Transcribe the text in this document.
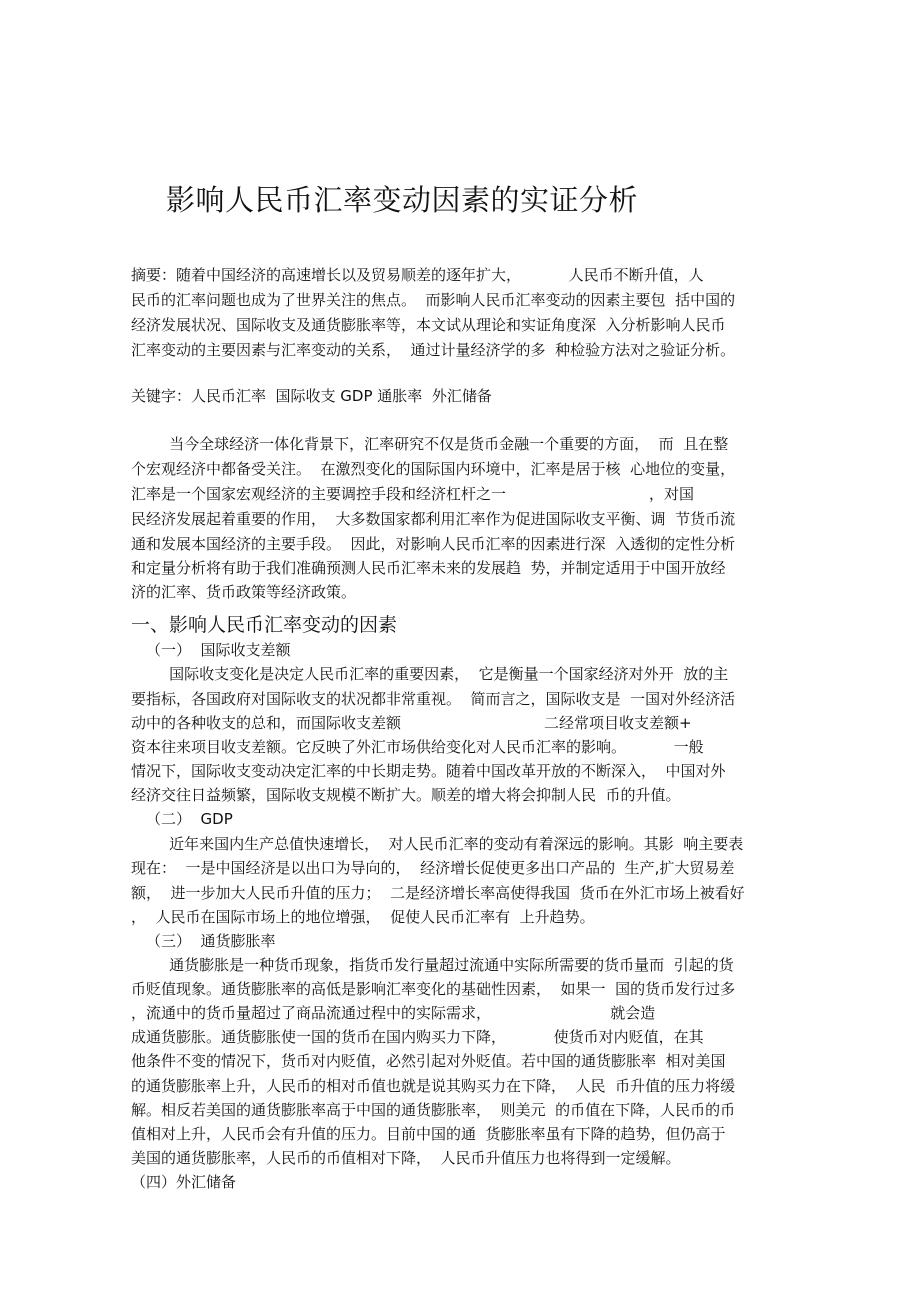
影响人民币汇率变动因素的实证分析
摘要：随着中国经济的高速增长以及贸易顺差的逐年扩大，          人民币不断升值，人
民币的汇率问题也成为了世界关注的焦点。  而影响人民币汇率变动的因素主要包  括中国的
经济发展状况、国际收支及通货膨胀率等，本文试从理论和实证角度深  入分析影响人民币
汇率变动的主要因素与汇率变动的关系，  通过计量经济学的多  种检验方法对之验证分析。
关键字：人民币汇率  国际收支 GDP 通胀率  外汇储备
当今全球经济一体化背景下，汇率研究不仅是货币金融一个重要的方面，  而  且在整
个宏观经济中都备受关注。  在激烈变化的国际国内环境中，汇率是居于核  心地位的变量，
汇率是一个国家宏观经济的主要调控手段和经济杠杆之一                              ，对国
民经济发展起着重要的作用，  大多数国家都利用汇率作为促进国际收支平衡、调  节货币流
通和发展本国经济的主要手段。  因此，对影响人民币汇率的因素进行深  入透彻的定性分析
和定量分析将有助于我们准确预测人民币汇率未来的发展趋  势，并制定适用于中国开放经
济的汇率、货币政策等经济政策。
一、影响人民币汇率变动的因素
（一）  国际收支差额
国际收支变化是决定人民币汇率的重要因素，  它是衡量一个国家经济对外开  放的主
要指标，各国政府对国际收支的状况都非常重视。  简而言之，国际收支是  一国对外经济活
动中的各种收支的总和，而国际收支差额                              二经常项目收支差额+
资本往来项目收支差额。它反映了外汇市场供给变化对人民币汇率的影响。          一般
情况下，国际收支变动决定汇率的中长期走势。随着中国改革开放的不断深入，  中国对外
经济交往日益频繁，国际收支规模不断扩大。顺差的增大将会抑制人民  币的升值。
（二）  GDP
近年来国内生产总值快速增长，  对人民币汇率的变动有着深远的影响。其影  响主要表
现在：  一是中国经济是以出口为导向的，  经济增长促使更多出口产品的  生产,扩大贸易差
额，  进一步加大人民币升值的压力；  二是经济增长率高使得我国  货币在外汇市场上被看好
，  人民币在国际市场上的地位增强，  促使人民币汇率有  上升趋势。
（三）  通货膨胀率
通货膨胀是一种货币现象，指货币发行量超过流通中实际所需要的货币量而  引起的货
币贬值现象。通货膨胀率的高低是影响汇率变化的基础性因素，  如果一  国的货币发行过多
，流通中的货币量超过了商品流通过程中的实际需求，                         就会造
成通货膨胀。通货膨胀使一国的货币在国内购买力下降，          使货币对内贬值，在其
他条件不变的情况下，货币对内贬值，必然引起对外贬值。若中国的通货膨胀率  相对美国
的通货膨胀率上升，人民币的相对币值也就是说其购买力在下降，  人民  币升值的压力将缓
解。相反若美国的通货膨胀率高于中国的通货膨胀率，  则美元  的币值在下降，人民币的币
值相对上升，人民币会有升值的压力。目前中国的通  货膨胀率虽有下降的趋势，但仍高于
美国的通货膨胀率，人民币的币值相对下降，  人民币升值压力也将得到一定缓解。
（四）外汇储备
